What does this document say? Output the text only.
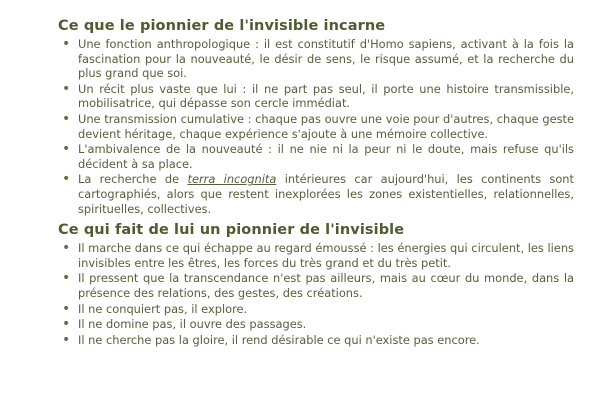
Ce que le pionnier de l'invisible incarne
• Une fonction anthropologique : il est constitutif d'Homo sapiens, activant à la fois la fascination pour la nouveauté, le désir de sens, le risque assumé, et la recherche du plus grand que soi.
• Un récit plus vaste que lui : il ne part pas seul, il porte une histoire transmissible, mobilisatrice, qui dépasse son cercle immédiat.
• Une transmission cumulative : chaque pas ouvre une voie pour d'autres, chaque geste devient héritage, chaque expérience s'ajoute à une mémoire collective.
• L'ambivalence de la nouveauté : il ne nie ni la peur ni le doute, mais refuse qu'ils décident à sa place.
• La recherche de terra incognita intérieures car aujourd'hui, les continents sont cartographiés, alors que restent inexplorées les zones existentielles, relationnelles, spirituelles, collectives.
Ce qui fait de lui un pionnier de l'invisible
• Il marche dans ce qui échappe au regard émoussé : les énergies qui circulent, les liens invisibles entre les êtres, les forces du très grand et du très petit.
• Il pressent que la transcendance n'est pas ailleurs, mais au cœur du monde, dans la présence des relations, des gestes, des créations.
• Il ne conquiert pas, il explore.
• Il ne domine pas, il ouvre des passages.
• Il ne cherche pas la gloire, il rend désirable ce qui n'existe pas encore.
